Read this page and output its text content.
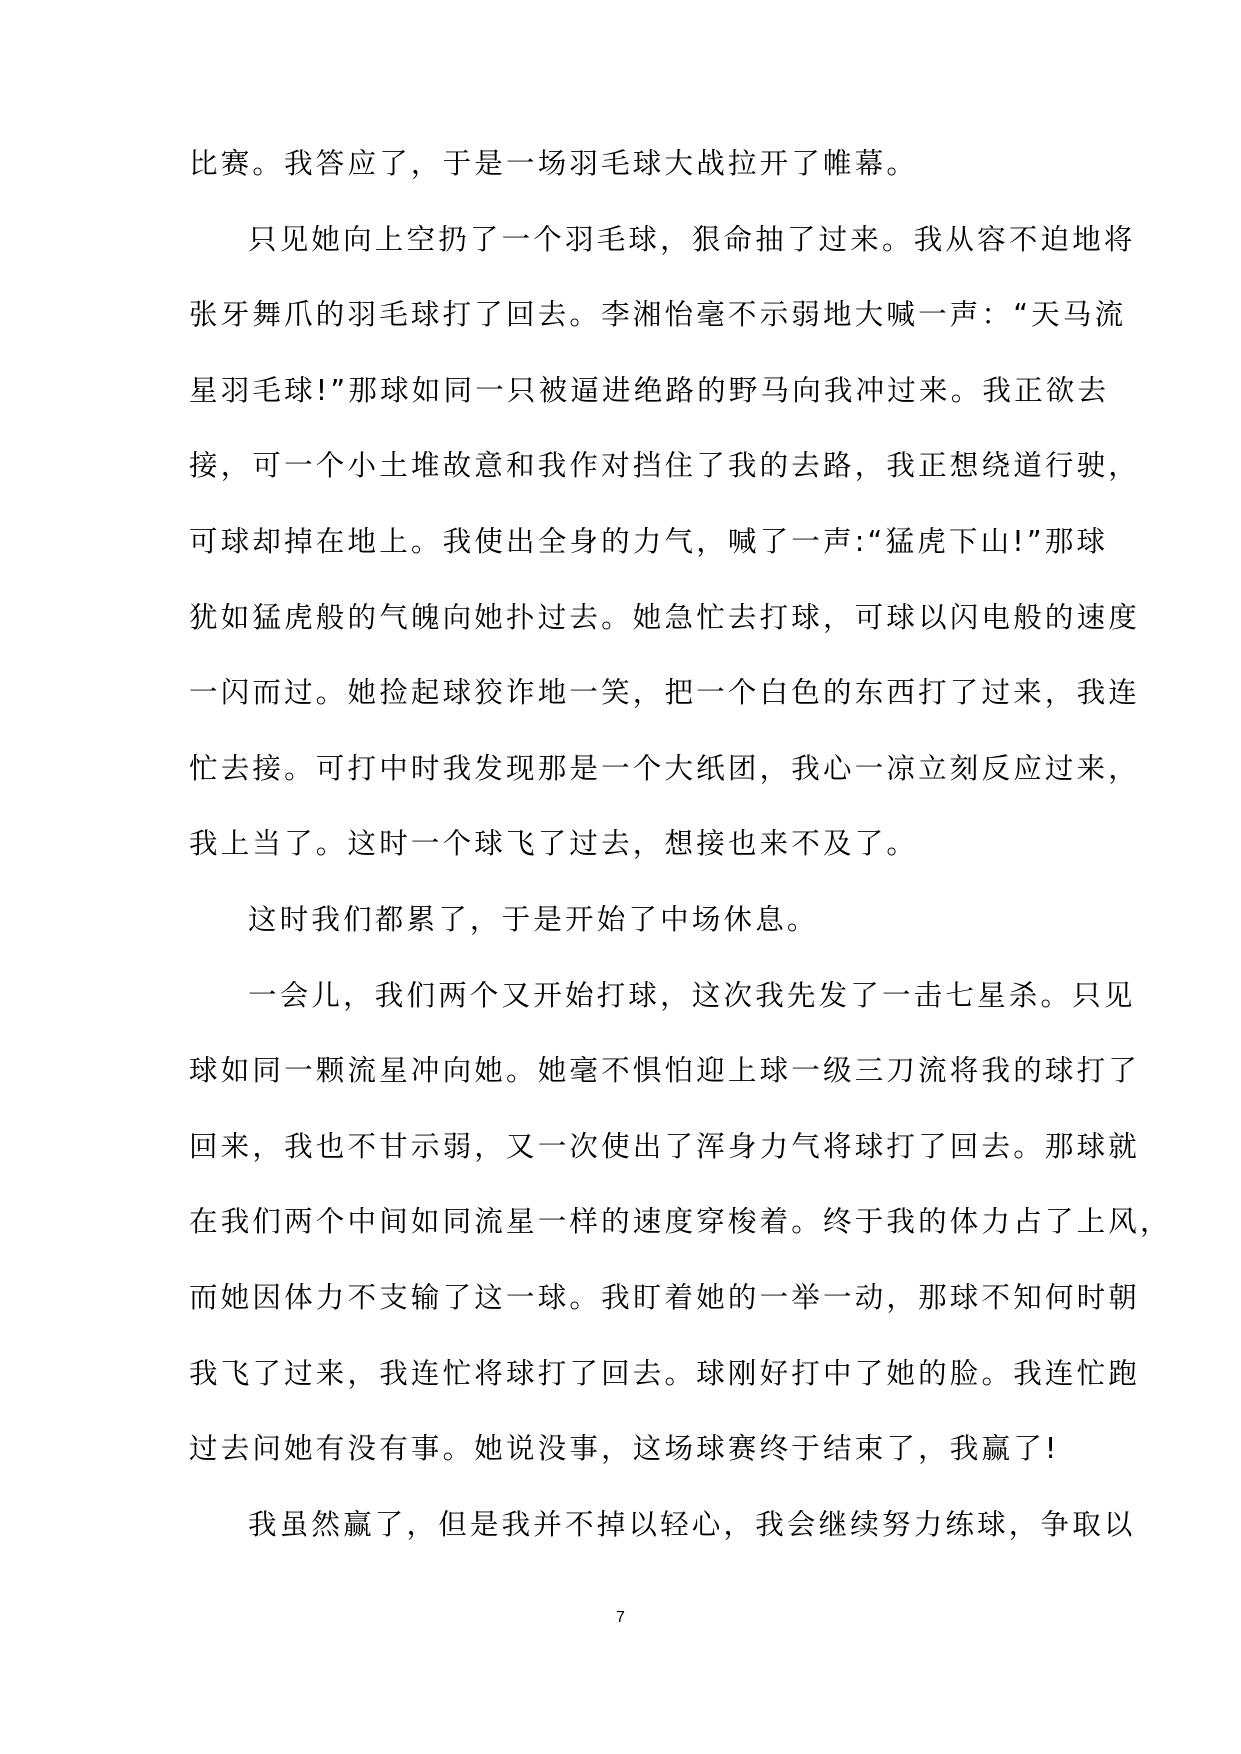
比赛。我答应了，于是一场羽毛球大战拉开了帷幕。
只见她向上空扔了一个羽毛球，狠命抽了过来。我从容不迫地将
张牙舞爪的羽毛球打了回去。李湘怡毫不示弱地大喊一声：“天马流
星羽毛球!”那球如同一只被逼进绝路的野马向我冲过来。我正欲去
接，可一个小土堆故意和我作对挡住了我的去路，我正想绕道行驶，
可球却掉在地上。我使出全身的力气，喊了一声:“猛虎下山!”那球
犹如猛虎般的气魄向她扑过去。她急忙去打球，可球以闪电般的速度
一闪而过。她捡起球狡诈地一笑，把一个白色的东西打了过来，我连
忙去接。可打中时我发现那是一个大纸团，我心一凉立刻反应过来，
我上当了。这时一个球飞了过去，想接也来不及了。
这时我们都累了，于是开始了中场休息。
一会儿，我们两个又开始打球，这次我先发了一击七星杀。只见
球如同一颗流星冲向她。她毫不惧怕迎上球一级三刀流将我的球打了
回来，我也不甘示弱，又一次使出了浑身力气将球打了回去。那球就
在我们两个中间如同流星一样的速度穿梭着。终于我的体力占了上风，
而她因体力不支输了这一球。我盯着她的一举一动，那球不知何时朝
我飞了过来，我连忙将球打了回去。球刚好打中了她的脸。我连忙跑
过去问她有没有事。她说没事，这场球赛终于结束了，我赢了!
我虽然赢了，但是我并不掉以轻心，我会继续努力练球，争取以
7
